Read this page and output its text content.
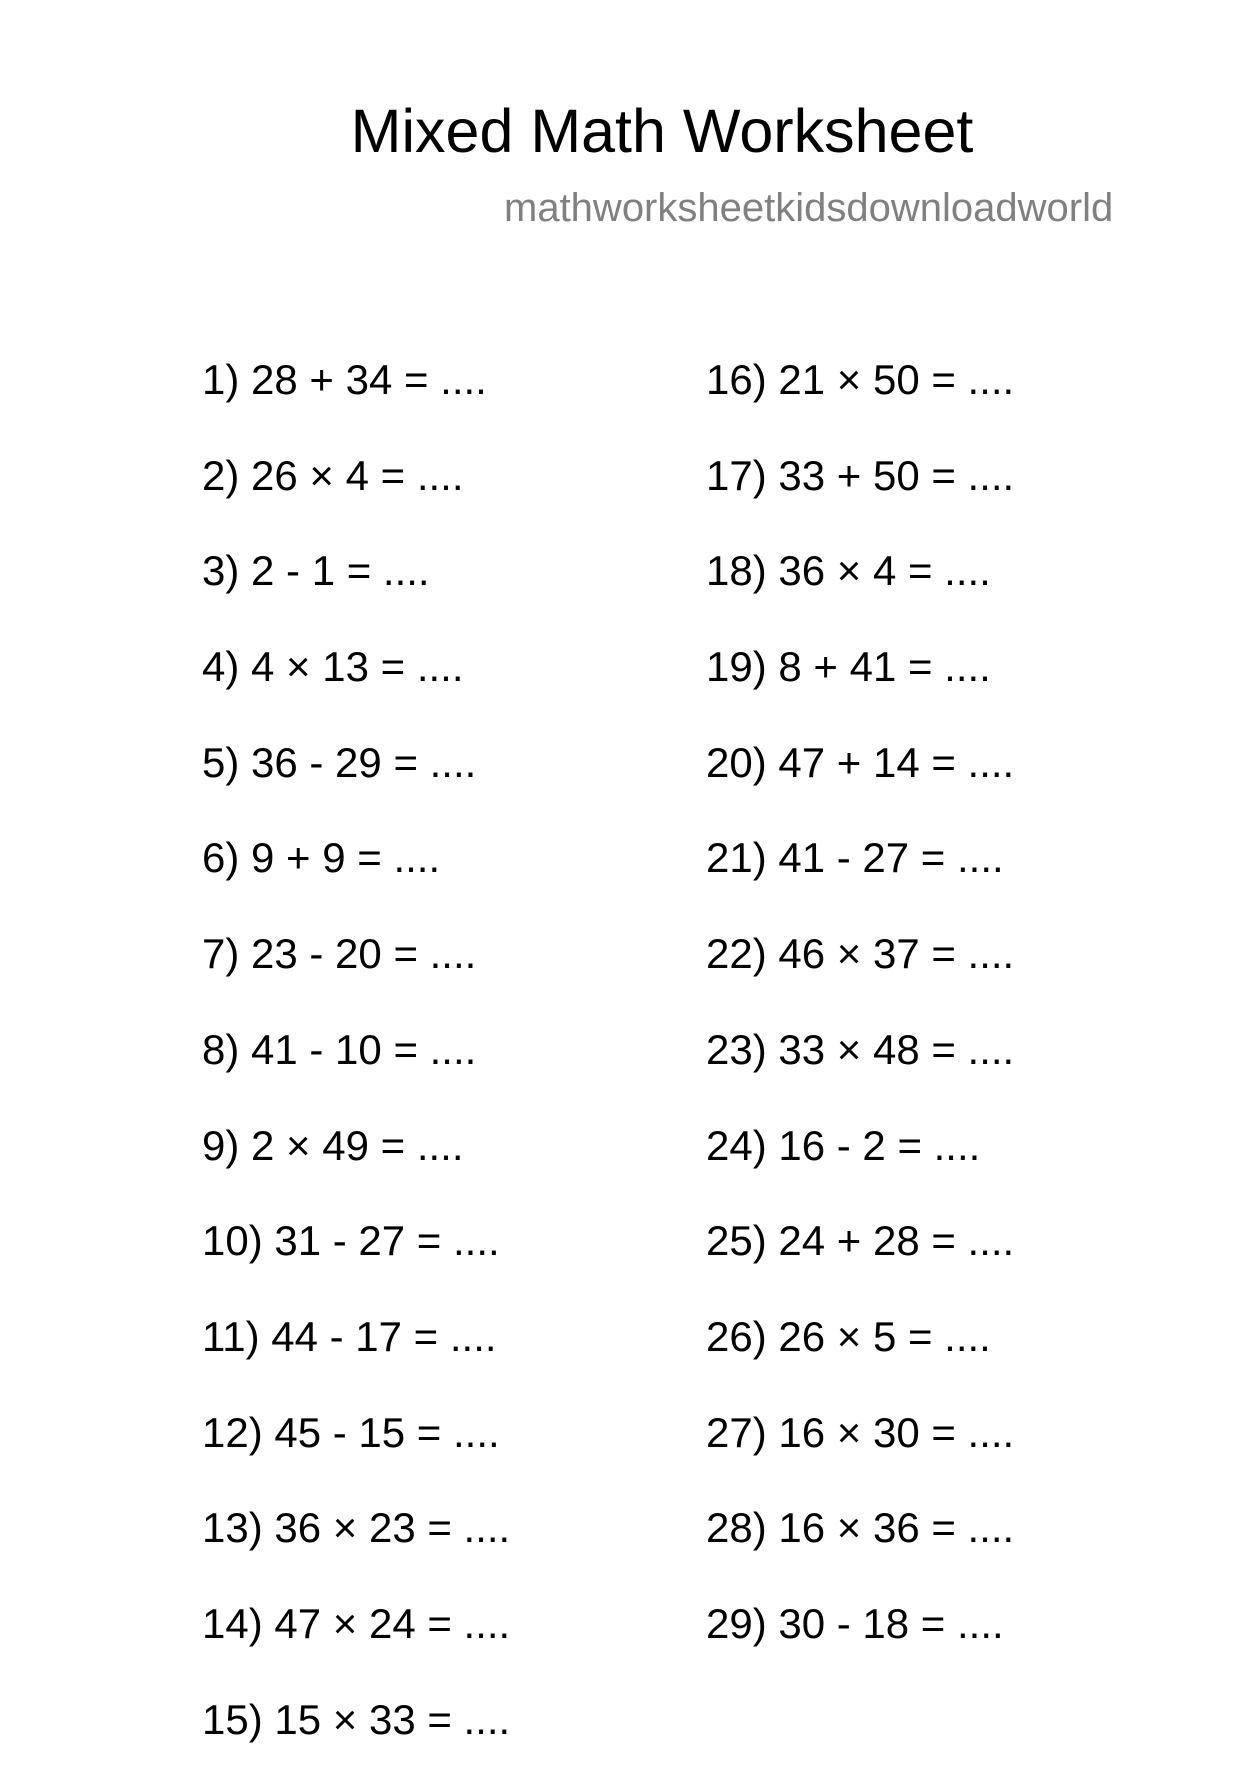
Mixed Math Worksheet
mathworksheetkidsdownloadworld
1) 28 + 34 = ....
2) 26 × 4 = ....
3) 2 - 1 = ....
4) 4 × 13 = ....
5) 36 - 29 = ....
6) 9 + 9 = ....
7) 23 - 20 = ....
8) 41 - 10 = ....
9) 2 × 49 = ....
10) 31 - 27 = ....
11) 44 - 17 = ....
12) 45 - 15 = ....
13) 36 × 23 = ....
14) 47 × 24 = ....
15) 15 × 33 = ....
16) 21 × 50 = ....
17) 33 + 50 = ....
18) 36 × 4 = ....
19) 8 + 41 = ....
20) 47 + 14 = ....
21) 41 - 27 = ....
22) 46 × 37 = ....
23) 33 × 48 = ....
24) 16 - 2 = ....
25) 24 + 28 = ....
26) 26 × 5 = ....
27) 16 × 30 = ....
28) 16 × 36 = ....
29) 30 - 18 = ....
